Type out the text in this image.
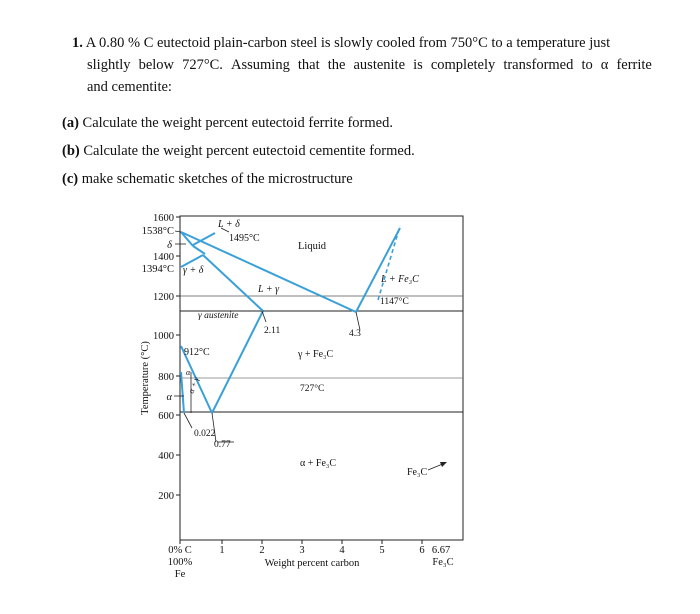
1. A 0.80 % C eutectoid plain-carbon steel is slowly cooled from 750°C to a temperature just
slightly below 727°C. Assuming that the austenite is completely transformed to α ferrite
and cementite:
(a) Calculate the weight percent eutectoid ferrite formed.
(b) Calculate the weight percent eutectoid cementite formed.
(c) make schematic sketches of the microstructure
1600
1538°C
δ
1400
1394°C
1200
1000
800
α
600
400
200
Temperature (°C)
0% C
100%
Fe
1	2	3	4	5	6 6.67
Fe₃C
Weight percent carbon
1495°C
1147°C
912°C
727°C
2.11	4.3
0.77
0.022
Liquid
L + δ
γ + δ
L + γ
γ austenite
L + Fe₃C
γ + Fe₃C
α + Fe₃C
Fe₃C
α + γ
α
